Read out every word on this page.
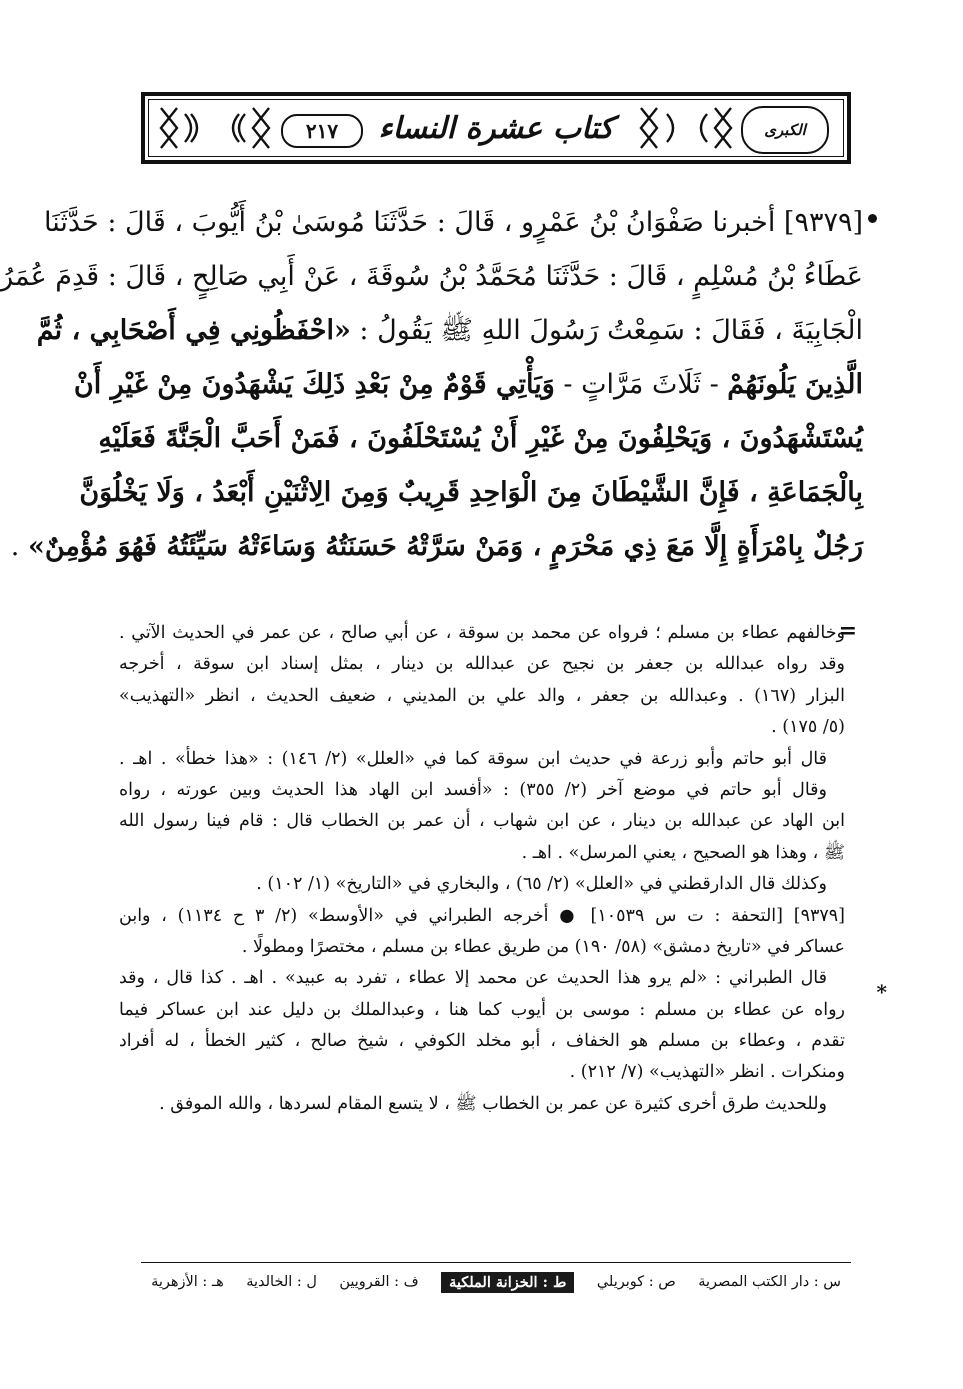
٢١٧	كتاب عشرة النساء	الكبرى
[٩٣٧٩] أخبرنا صَفْوَانُ بْنُ عَمْرٍو ، قَالَ : حَدَّثَنَا مُوسَىٰ بْنُ أَيُّوبَ ، قَالَ : حَدَّثَنَا
عَطَاءُ بْنُ مُسْلِمٍ ، قَالَ : حَدَّثَنَا مُحَمَّدُ بْنُ سُوقَةَ ، عَنْ أَبِي صَالِحٍ ، قَالَ : قَدِمَ عُمَرُ
الْجَابِيَةَ ، فَقَالَ : سَمِعْتُ رَسُولَ اللهِ ﷺ يَقُولُ : «احْفَظُونِي فِي أَصْحَابِي ، ثُمَّ
الَّذِينَ يَلُونَهُمْ - ثَلَاثَ مَرَّاتٍ - وَيَأْتِي قَوْمٌ مِنْ بَعْدِ ذَلِكَ يَشْهَدُونَ مِنْ غَيْرِ أَنْ
يُسْتَشْهَدُونَ ، وَيَحْلِفُونَ مِنْ غَيْرِ أَنْ يُسْتَحْلَفُونَ ، فَمَنْ أَحَبَّ الْجَنَّةَ فَعَلَيْهِ
بِالْجَمَاعَةِ ، فَإِنَّ الشَّيْطَانَ مِنَ الْوَاحِدِ قَرِيبٌ وَمِنَ الِاثْنَيْنِ أَبْعَدُ ، وَلَا يَخْلُوَنَّ
رَجُلٌ بِامْرَأَةٍ إِلَّا مَعَ ذِي مَحْرَمٍ ، وَمَنْ سَرَّتْهُ حَسَنَتُهُ وَسَاءَتْهُ سَيِّئَتُهُ فَهُوَ مُؤْمِنٌ» .
=
*
وخالفهم عطاء بن مسلم ؛ فرواه عن محمد بن سوقة ، عن أبي صالح ، عن عمر في الحديث الآتي .
وقد رواه عبدالله بن جعفر بن نجيح عن عبدالله بن دينار ، بمثل إسناد ابن سوقة ، أخرجه
البزار (١٦٧) . وعبدالله بن جعفر ، والد علي بن المديني ، ضعيف الحديث ، انظر «التهذيب»
(٥/ ١٧٥) .
قال أبو حاتم وأبو زرعة في حديث ابن سوقة كما في «العلل» (٢/ ١٤٦) : «هذا خطأ» . اهـ .
وقال أبو حاتم في موضع آخر (٢/ ٣٥٥) : «أفسد ابن الهاد هذا الحديث وبين عورته ، رواه
ابن الهاد عن عبدالله بن دينار ، عن ابن شهاب ، أن عمر بن الخطاب قال : قام فينا رسول الله
ﷺ ، وهذا هو الصحيح ، يعني المرسل» . اهـ .
وكذلك قال الدارقطني في «العلل» (٢/ ٦٥) ، والبخاري في «التاريخ» (١/ ١٠٢) .
[٩٣٧٩] [التحفة : ت س ١٠٥٣٩] ● أخرجه الطبراني في «الأوسط» (٢/ ٣ ح ١١٣٤) ، وابن
عساكر في «تاريخ دمشق» (٥٨/ ١٩٠) من طريق عطاء بن مسلم ، مختصرًا ومطولًا .
قال الطبراني : «لم يرو هذا الحديث عن محمد إلا عطاء ، تفرد به عبيد» . اهـ . كذا قال ، وقد
رواه عن عطاء بن مسلم : موسى بن أيوب كما هنا ، وعبدالملك بن دليل عند ابن عساكر فيما
تقدم ، وعطاء بن مسلم هو الخفاف ، أبو مخلد الكوفي ، شيخ صالح ، كثير الخطأ ، له أفراد
ومنكرات . انظر «التهذيب» (٧/ ٢١٢) .
وللحديث طرق أخرى كثيرة عن عمر بن الخطاب ﷺ ، لا يتسع المقام لسردها ، والله الموفق .
س : دار الكتب المصرية
ص : كوبريلي
ط : الخزانة الملكية
ف : القرويين
ل : الخالدية
هـ : الأزهرية
